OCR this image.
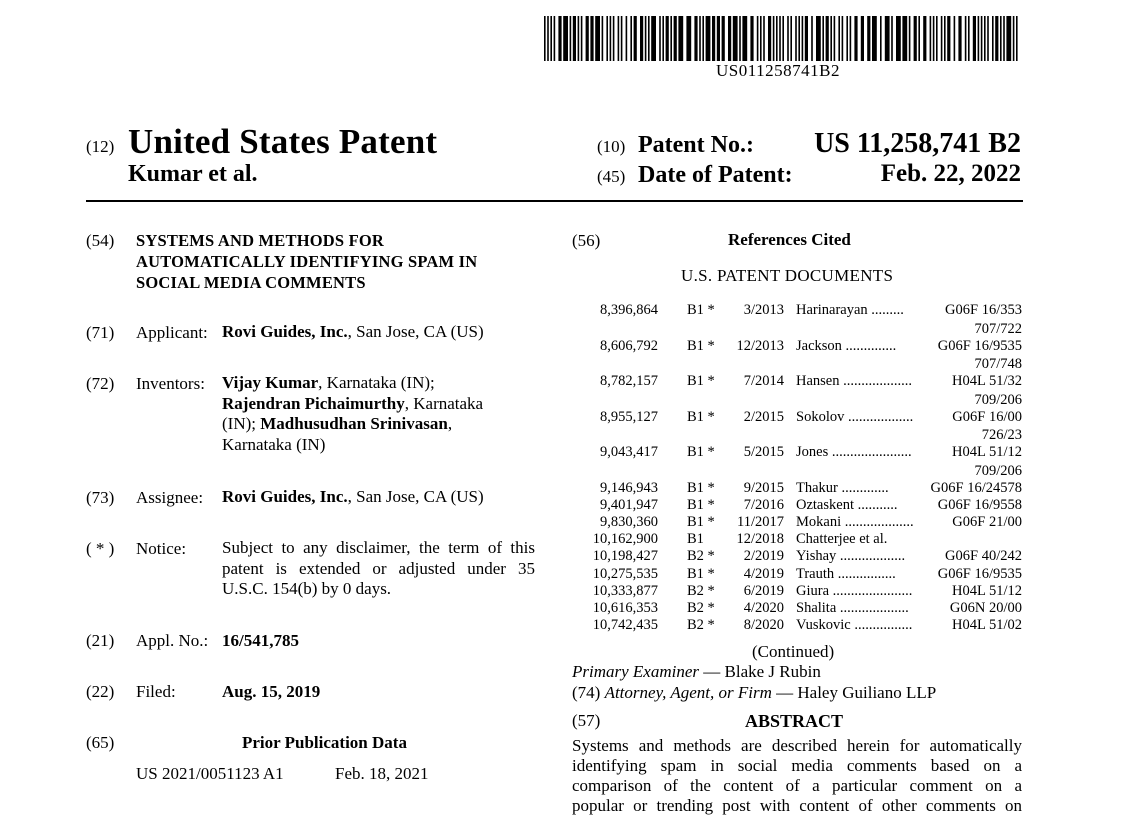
US011258741B2
(12) United States Patent
Kumar et al.
(10) Patent No.: US 11,258,741 B2
(45) Date of Patent:	Feb. 22, 2022
(54) SYSTEMS AND METHODS FOR
AUTOMATICALLY IDENTIFYING SPAM IN
SOCIAL MEDIA COMMENTS
(71) Applicant: Rovi Guides, Inc., San Jose, CA (US)
(72) Inventors: Vijay Kumar, Karnataka (IN);
Rajendran Pichaimurthy, Karnataka
(IN); Madhusudhan Srinivasan,
Karnataka (IN)
(73) Assignee: Rovi Guides, Inc., San Jose, CA (US)
( * ) Notice: Subject to any disclaimer, the term of this
patent is extended or adjusted under 35
U.S.C. 154(b) by 0 days.
(21) Appl. No.: 16/541,785
(22) Filed:	Aug. 15, 2019
(65)	Prior Publication Data
US 2021/0051123 A1	Feb. 18, 2021
(56)	References Cited
U.S. PATENT DOCUMENTS
8,396,864 B1 * 3/2013 Harinarayan .........	G06F 16/353
707/722
8,606,792 B1 * 12/2013 Jackson ..............	G06F 16/9535
707/748
8,782,157 B1 * 7/2014 Hansen ...................	H04L 51/32
709/206
8,955,127 B1 * 2/2015 Sokolov ..................	G06F 16/00
726/23
9,043,417 B1 * 5/2015 Jones ......................	H04L 51/12
709/206
9,146,943 B1 * 9/2015 Thakur .............	G06F 16/24578
9,401,947 B1 * 7/2016 Oztaskent ...........	G06F 16/9558
9,830,360 B1 * 11/2017 Mokani ...................	G06F 21/00
10,162,900 B1 12/2018 Chatterjee et al.
10,198,427 B2 * 2/2019 Yishay ..................	G06F 40/242
10,275,535 B1 * 4/2019 Trauth ................	G06F 16/9535
10,333,877 B2 * 6/2019 Giura ......................	H04L 51/12
10,616,353 B2 * 4/2020 Shalita ...................	G06N 20/00
10,742,435 B2 * 8/2020 Vuskovic ................	H04L 51/02
(Continued)
Primary Examiner — Blake J Rubin
(74) Attorney, Agent, or Firm — Haley Guiliano LLP
(57)	ABSTRACT
Systems and methods are described herein for automatically
identifying spam in social media comments based on a
comparison of the content of a particular comment on a
popular or trending post with content of other comments on
